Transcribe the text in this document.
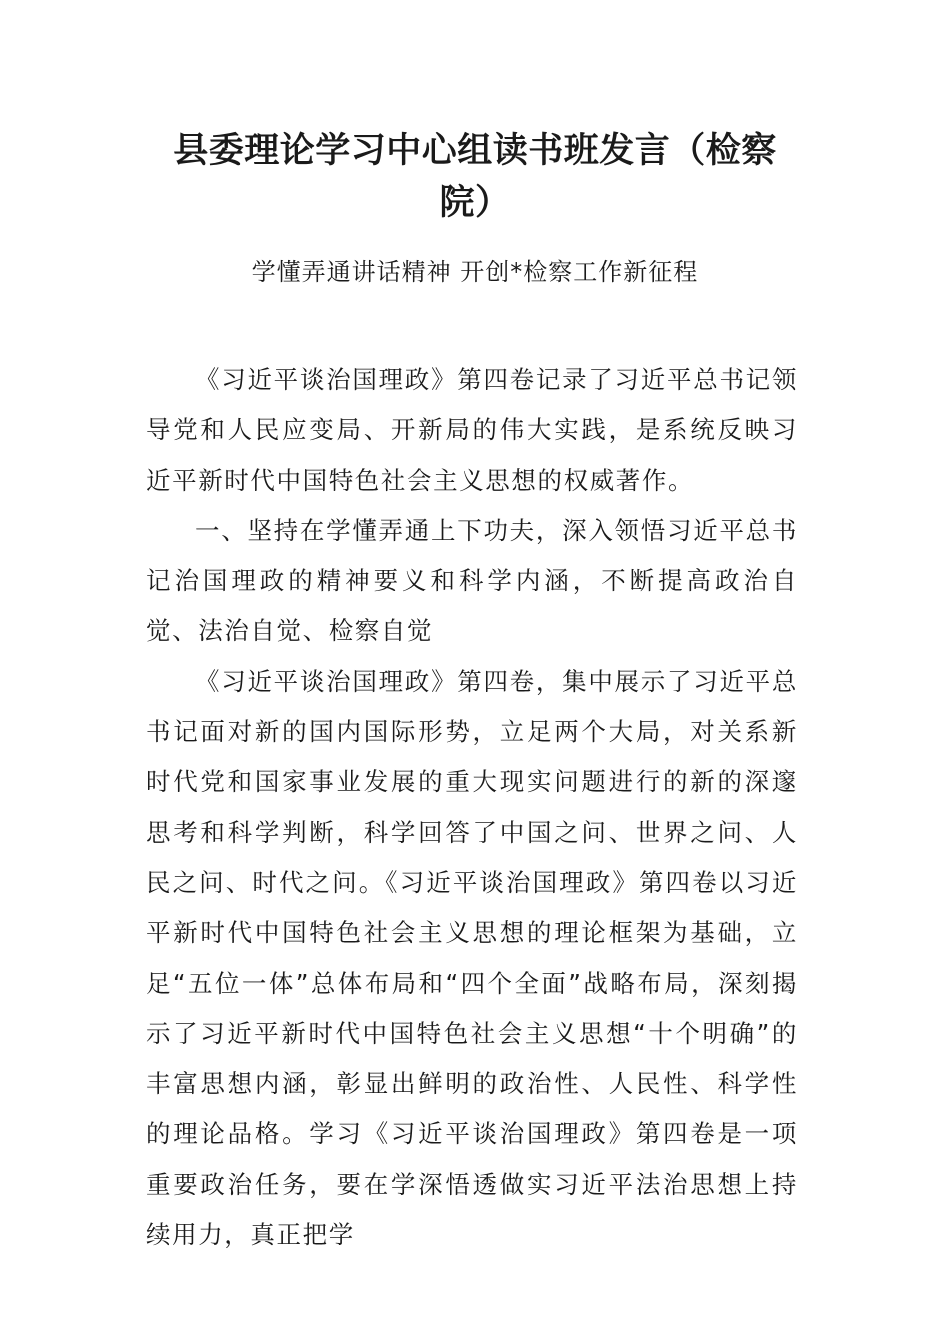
县委理论学习中心组读书班发言（检察院）
学懂弄通讲话精神 开创*检察工作新征程

《习近平谈治国理政》第四卷记录了习近平总书记领导党和人民应变局、开新局的伟大实践，是系统反映习近平新时代中国特色社会主义思想的权威著作。

一、坚持在学懂弄通上下功夫，深入领悟习近平总书记治国理政的精神要义和科学内涵，不断提高政治自觉、法治自觉、检察自觉

《习近平谈治国理政》第四卷，集中展示了习近平总书记面对新的国内国际形势，立足两个大局，对关系新时代党和国家事业发展的重大现实问题进行的新的深邃思考和科学判断，科学回答了中国之问、世界之问、人民之问、时代之问。《习近平谈治国理政》第四卷以习近平新时代中国特色社会主义思想的理论框架为基础，立足“五位一体”总体布局和“四个全面”战略布局，深刻揭示了习近平新时代中国特色社会主义思想“十个明确”的丰富思想内涵，彰显出鲜明的政治性、人民性、科学性的理论品格。学习《习近平谈治国理政》第四卷是一项重要政治任务，要在学深悟透做实习近平法治思想上持续用力，真正把学
